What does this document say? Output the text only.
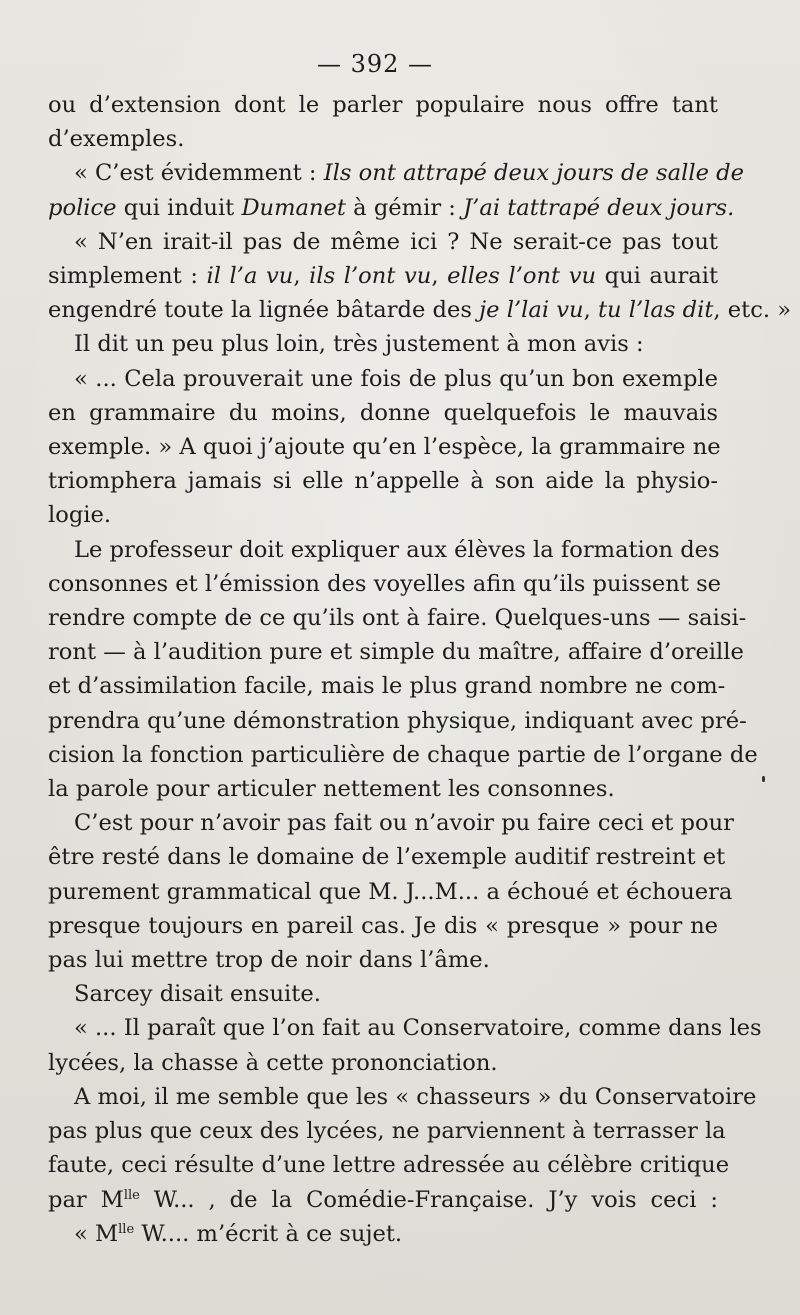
— 392 —
ou d’extension dont le parler populaire nous offre tant
d’exemples.
« C’est évidemment : Ils ont attrapé deux jours de salle de
police qui induit Dumanet à gémir : J’ai tattrapé deux jours.
« N’en irait-il pas de même ici ? Ne serait-ce pas tout
simplement : il l’a vu, ils l’ont vu, elles l’ont vu qui aurait
engendré toute la lignée bâtarde des je l’lai vu, tu l’las dit, etc. »
Il dit un peu plus loin, très justement à mon avis :
« ... Cela prouverait une fois de plus qu’un bon exemple
en grammaire du moins, donne quelquefois le mauvais
exemple. » A quoi j’ajoute qu’en l’espèce, la grammaire ne
triomphera jamais si elle n’appelle à son aide la physio-
logie.
Le professeur doit expliquer aux élèves la formation des
consonnes et l’émission des voyelles afin qu’ils puissent se
rendre compte de ce qu’ils ont à faire. Quelques-uns — saisi-
ront — à l’audition pure et simple du maître, affaire d’oreille
et d’assimilation facile, mais le plus grand nombre ne com-
prendra qu’une démonstration physique, indiquant avec pré-
cision la fonction particulière de chaque partie de l’organe de
la parole pour articuler nettement les consonnes.
C’est pour n’avoir pas fait ou n’avoir pu faire ceci et pour
être resté dans le domaine de l’exemple auditif restreint et
purement grammatical que M. J...M... a échoué et échouera
presque toujours en pareil cas. Je dis « presque » pour ne
pas lui mettre trop de noir dans l’âme.
Sarcey disait ensuite.
« ... Il paraît que l’on fait au Conservatoire, comme dans les
lycées, la chasse à cette prononciation.
A moi, il me semble que les « chasseurs » du Conservatoire
pas plus que ceux des lycées, ne parviennent à terrasser la
faute, ceci résulte d’une lettre adressée au célèbre critique
par $M^{lle}$ W... , de la Comédie-Française. J’y vois ceci :
« $M^{lle}$ W.... m’écrit à ce sujet.
